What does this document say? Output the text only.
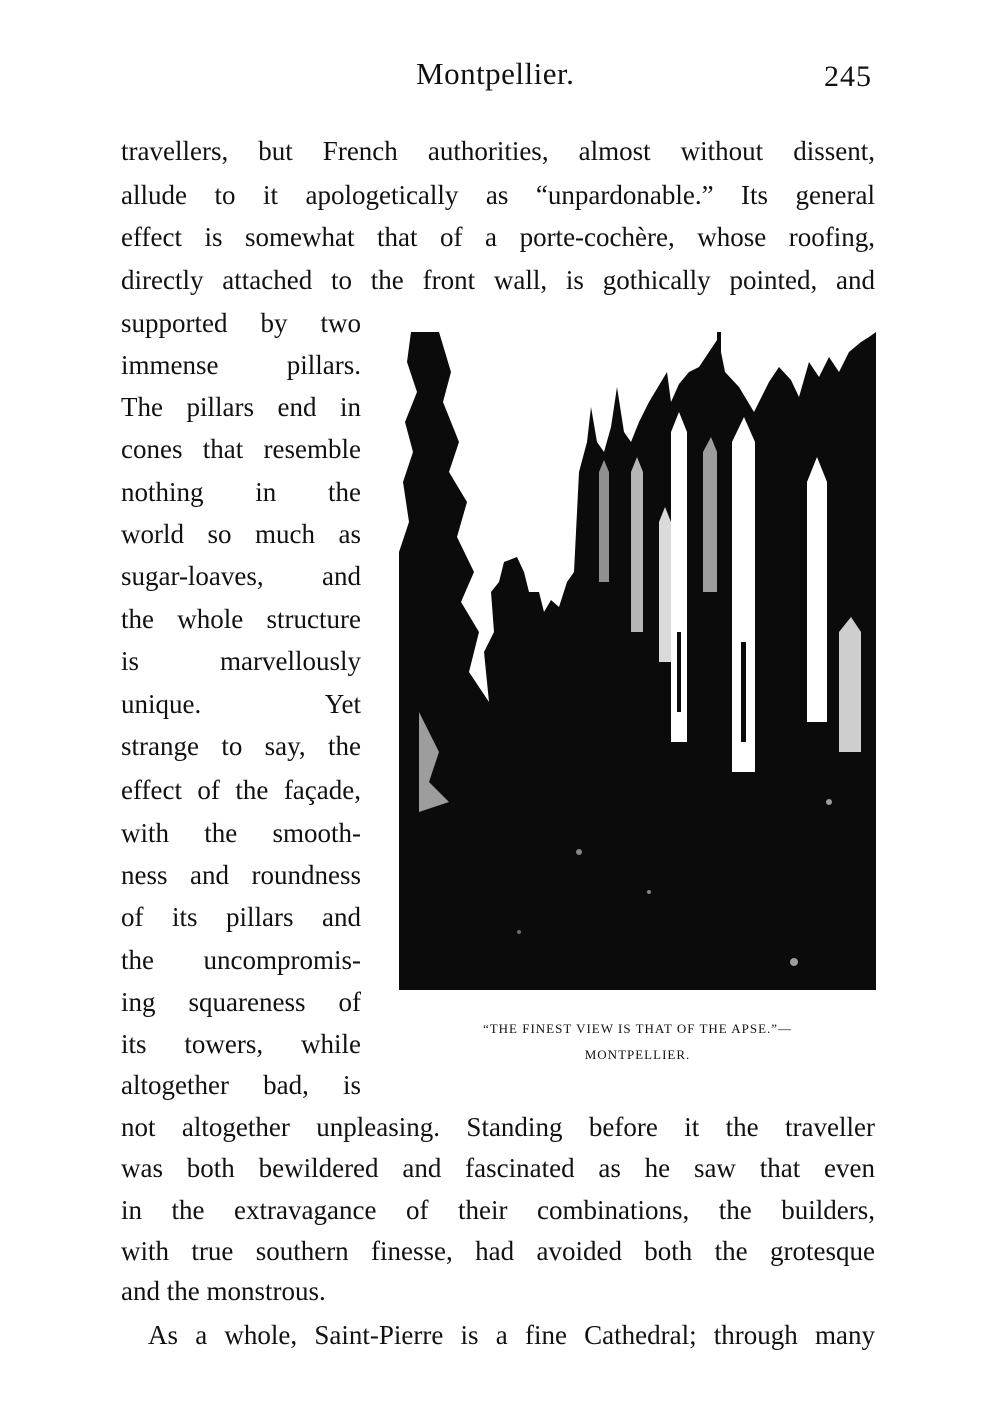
Montpellier.	245
travellers, but French authorities, almost without dissent,
allude to it apologetically as “unpardonable.” Its general
effect is somewhat that of a porte-cochère, whose roofing,
directly attached to the front wall, is gothically pointed, and
supported by two
immense pillars.
The pillars end in
cones that resemble
nothing in the
world so much as
sugar-loaves, and
the whole structure
is marvellously
unique. Yet
strange to say, the
effect of the façade,
with the smooth-
ness and roundness
of its pillars and
the uncompromis-
ing squareness of
its towers, while
altogether bad, is
“THE FINEST VIEW IS THAT OF THE APSE.”—
MONTPELLIER.
not altogether unpleasing. Standing before it the traveller
was both bewildered and fascinated as he saw that even
in the extravagance of their combinations, the builders,
with true southern finesse, had avoided both the grotesque
and the monstrous.
As a whole, Saint-Pierre is a fine Cathedral; through many
